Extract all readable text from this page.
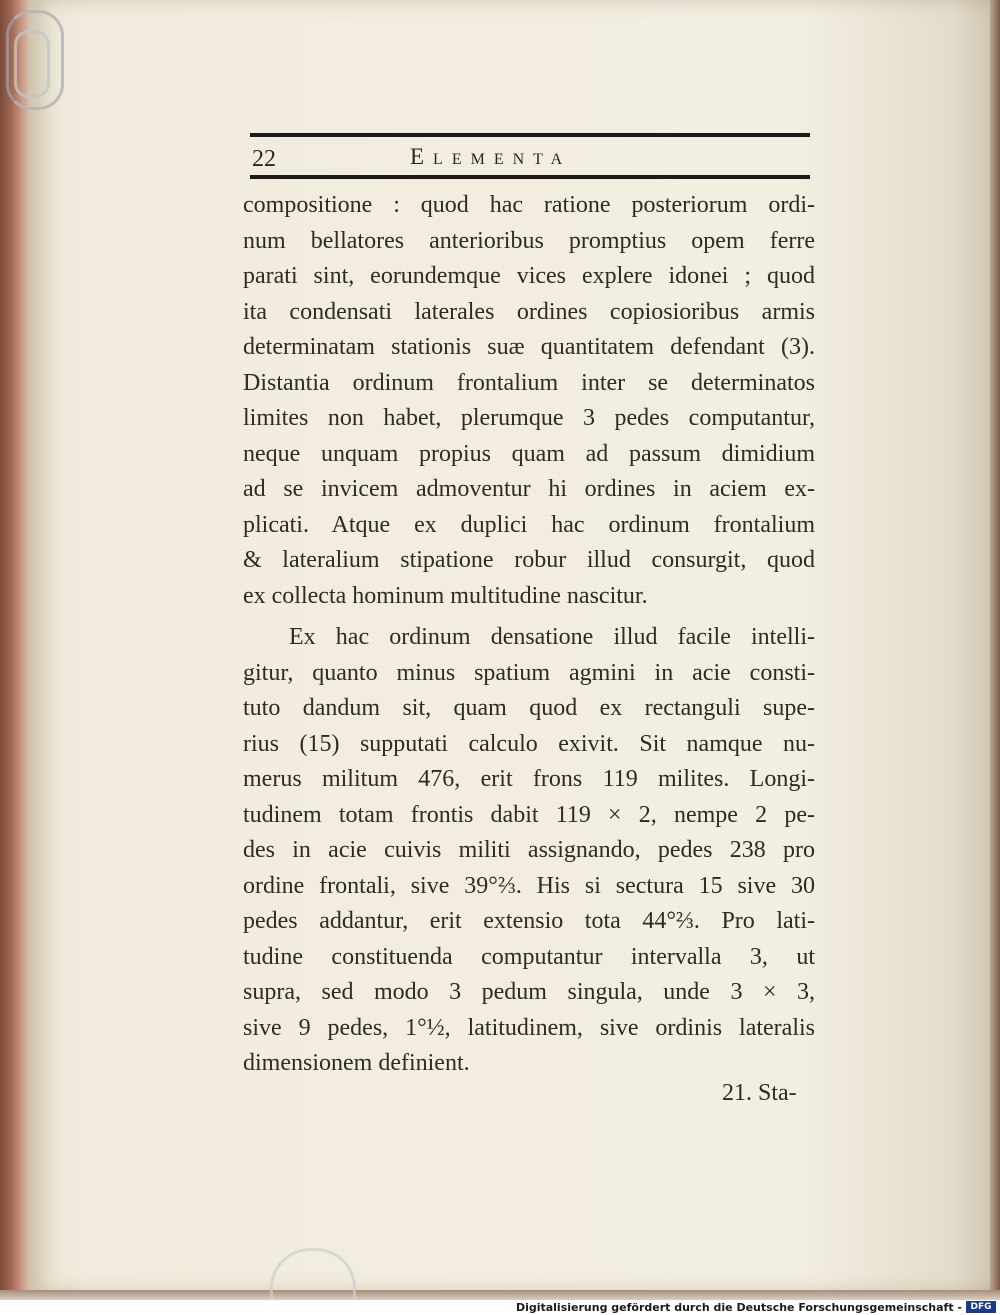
22	Elementa
compositione : quod hac ratione posteriorum ordi-
num bellatores anterioribus promptius opem ferre
parati sint, eorundemque vices explere idonei ; quod
ita condensati laterales ordines copiosioribus armis
determinatam stationis suæ quantitatem defendant (3).
Distantia ordinum frontalium inter se determinatos
limites non habet, plerumque 3 pedes computantur,
neque unquam propius quam ad passum dimidium
ad se invicem admoventur hi ordines in aciem ex-
plicati. Atque ex duplici hac ordinum frontalium
& lateralium stipatione robur illud consurgit, quod
ex collecta hominum multitudine nascitur.
Ex hac ordinum densatione illud facile intelli-
gitur, quanto minus spatium agmini in acie consti-
tuto dandum sit, quam quod ex rectanguli supe-
rius (15) supputati calculo exivit. Sit namque nu-
merus militum 476, erit frons 119 milites. Longi-
tudinem totam frontis dabit 119 × 2, nempe 2 pe-
des in acie cuivis militi assignando, pedes 238 pro
ordine frontali, sive 39°⅔. His si sectura 15 sive 30
pedes addantur, erit extensio tota 44°⅔. Pro lati-
tudine constituenda computantur intervalla 3, ut
supra, sed modo 3 pedum singula, unde 3 × 3,
sive 9 pedes, 1°½, latitudinem, sive ordinis lateralis
dimensionem definient.
21. Sta-
Digitalisierung gefördert durch die Deutsche Forschungsgemeinschaft - DFG
